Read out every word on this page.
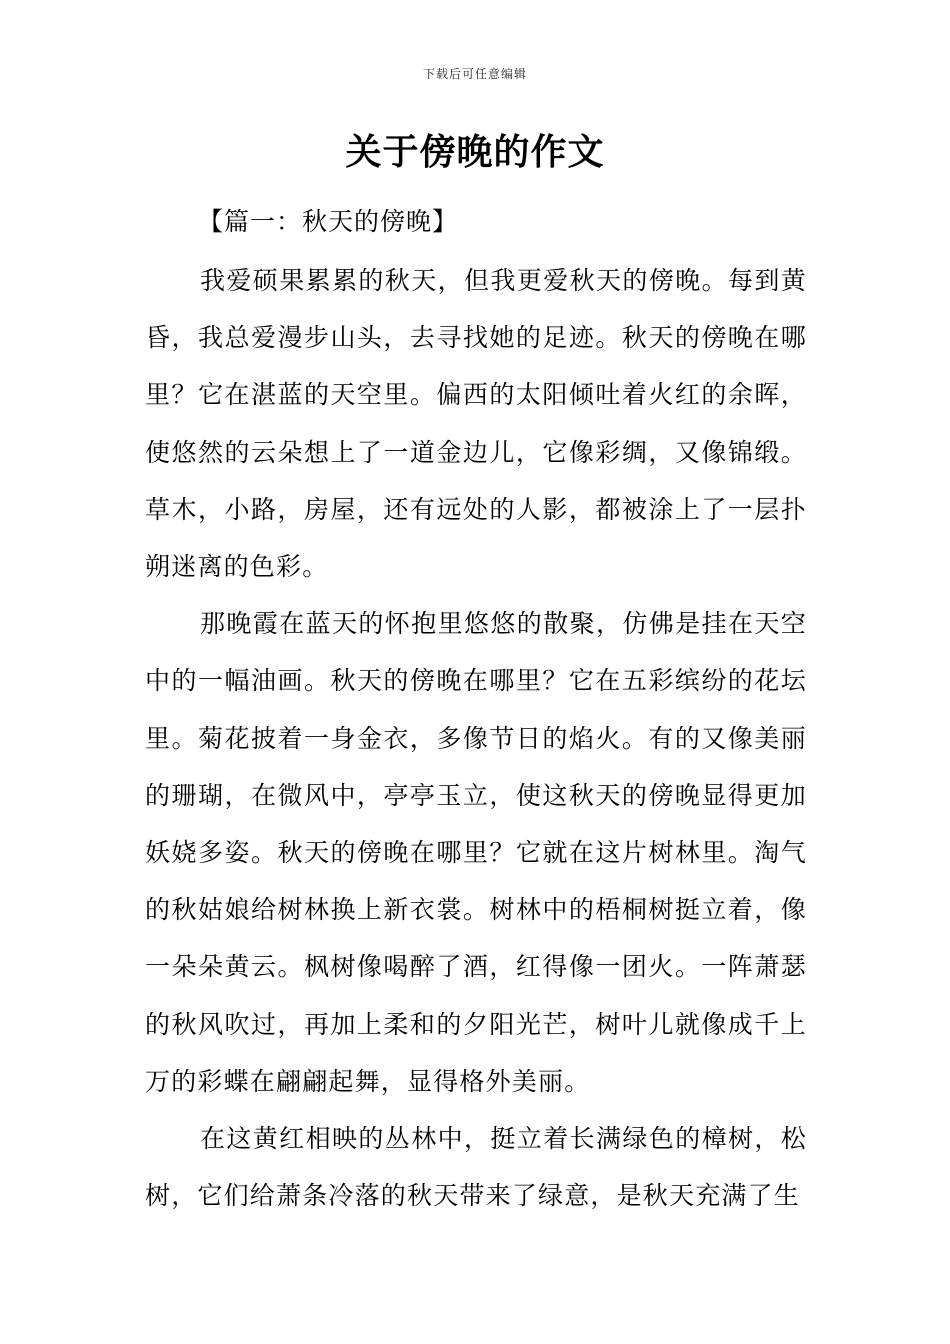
下载后可任意编辑
关于傍晚的作文
【篇一：秋天的傍晚】

我爱硕果累累的秋天，但我更爱秋天的傍晚。每到黄昏，我总爱漫步山头，去寻找她的足迹。秋天的傍晚在哪里？它在湛蓝的天空里。偏西的太阳倾吐着火红的余晖，使悠然的云朵想上了一道金边儿，它像彩绸，又像锦缎。草木，小路，房屋，还有远处的人影，都被涂上了一层扑朔迷离的色彩。

那晚霞在蓝天的怀抱里悠悠的散聚，仿佛是挂在天空中的一幅油画。秋天的傍晚在哪里？它在五彩缤纷的花坛里。菊花披着一身金衣，多像节日的焰火。有的又像美丽的珊瑚，在微风中，亭亭玉立，使这秋天的傍晚显得更加妖娆多姿。秋天的傍晚在哪里？它就在这片树林里。淘气的秋姑娘给树林换上新衣裳。树林中的梧桐树挺立着，像一朵朵黄云。枫树像喝醉了酒，红得像一团火。一阵萧瑟的秋风吹过，再加上柔和的夕阳光芒，树叶儿就像成千上万的彩蝶在翩翩起舞，显得格外美丽。

在这黄红相映的丛林中，挺立着长满绿色的樟树，松树，它们给萧条冷落的秋天带来了绿意，是秋天充满了生
